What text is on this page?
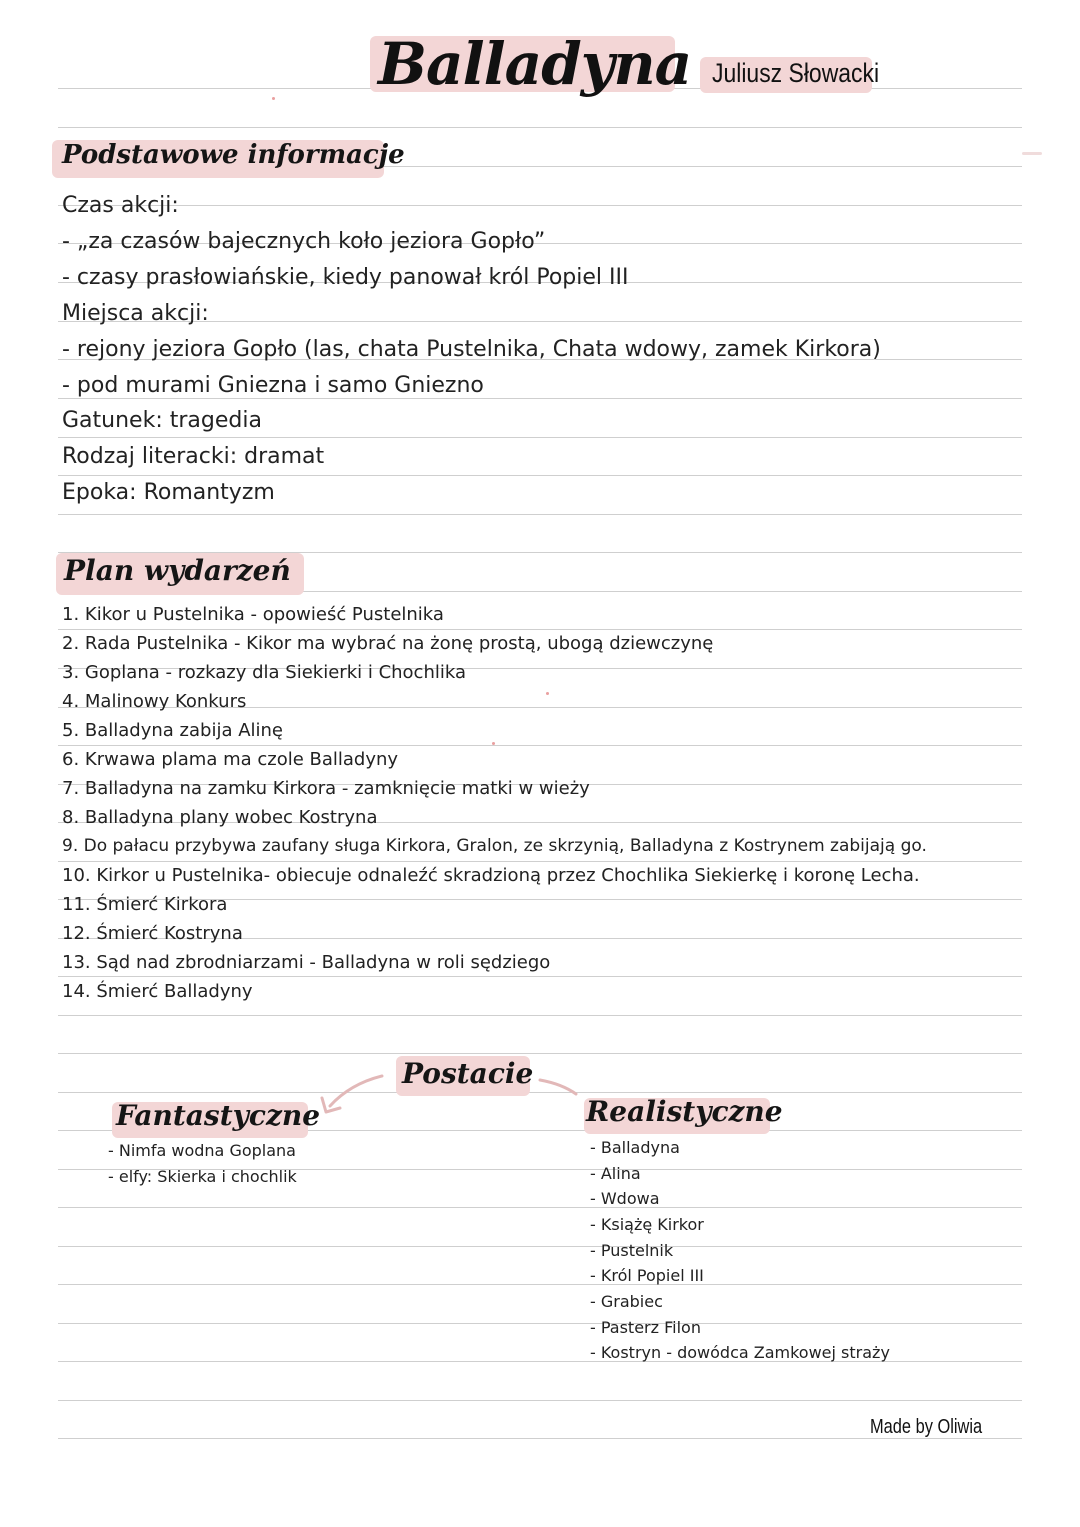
Balladyna Juliusz Słowacki
Podstawowe informacje
Czas akcji:
- „za czasów bajecznych koło jeziora Gopło”
- czasy prasłowiańskie, kiedy panował król Popiel III
Miejsca akcji:
- rejony jeziora Gopło (las, chata Pustelnika, Chata wdowy, zamek Kirkora)
- pod murami Gniezna i samo Gniezno
Gatunek: tragedia
Rodzaj literacki: dramat
Epoka: Romantyzm
Plan wydarzeń
1. Kikor u Pustelnika - opowieść Pustelnika
2. Rada Pustelnika - Kikor ma wybrać na żonę prostą, ubogą dziewczynę
3. Goplana - rozkazy dla Siekierki i Chochlika
4. Malinowy Konkurs
5. Balladyna zabija Alinę
6. Krwawa plama ma czole Balladyny
7. Balladyna na zamku Kirkora - zamknięcie matki w wieży
8. Balladyna plany wobec Kostryna
9. Do pałacu przybywa zaufany sługa Kirkora, Gralon, ze skrzynią, Balladyna z Kostrynem zabijają go.
10. Kirkor u Pustelnika- obiecuje odnaleźć skradzioną przez Chochlika Siekierkę i koronę Lecha.
11. Śmierć Kirkora
12. Śmierć Kostryna
13. Sąd nad zbrodniarzami - Balladyna w roli sędziego
14. Śmierć Balladyny
Postacie
Fantastyczne	Realistyczne
- Nimfa wodna Goplana
- elfy: Skierka i chochlik
- Balladyna
- Alina
- Wdowa
- Książę Kirkor
- Pustelnik
- Król Popiel III
- Grabiec
- Pasterz Filon
- Kostryn - dowódca Zamkowej straży
Made by Oliwia
